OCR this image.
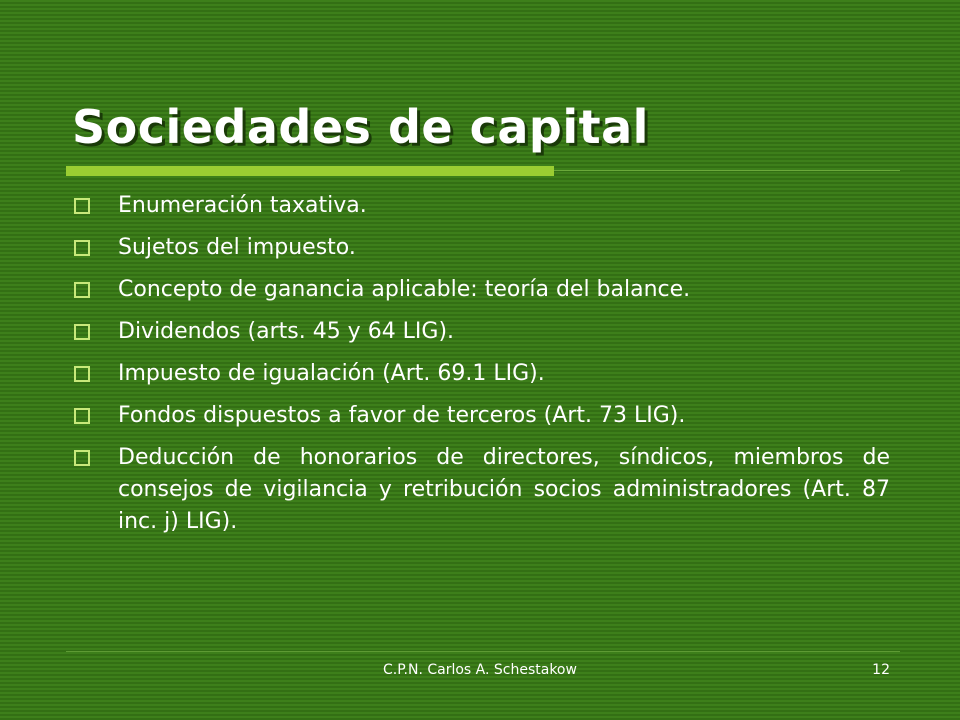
Sociedades de capital
Enumeración taxativa.
Sujetos del impuesto.
Concepto de ganancia aplicable: teoría del balance.
Dividendos (arts. 45 y 64 LIG).
Impuesto de igualación (Art. 69.1 LIG).
Fondos dispuestos a favor de terceros (Art. 73 LIG).
Deducción de honorarios de directores, síndicos, miembros de consejos de vigilancia y retribución socios administradores (Art. 87 inc. j) LIG).
C.P.N. Carlos A. Schestakow	12
